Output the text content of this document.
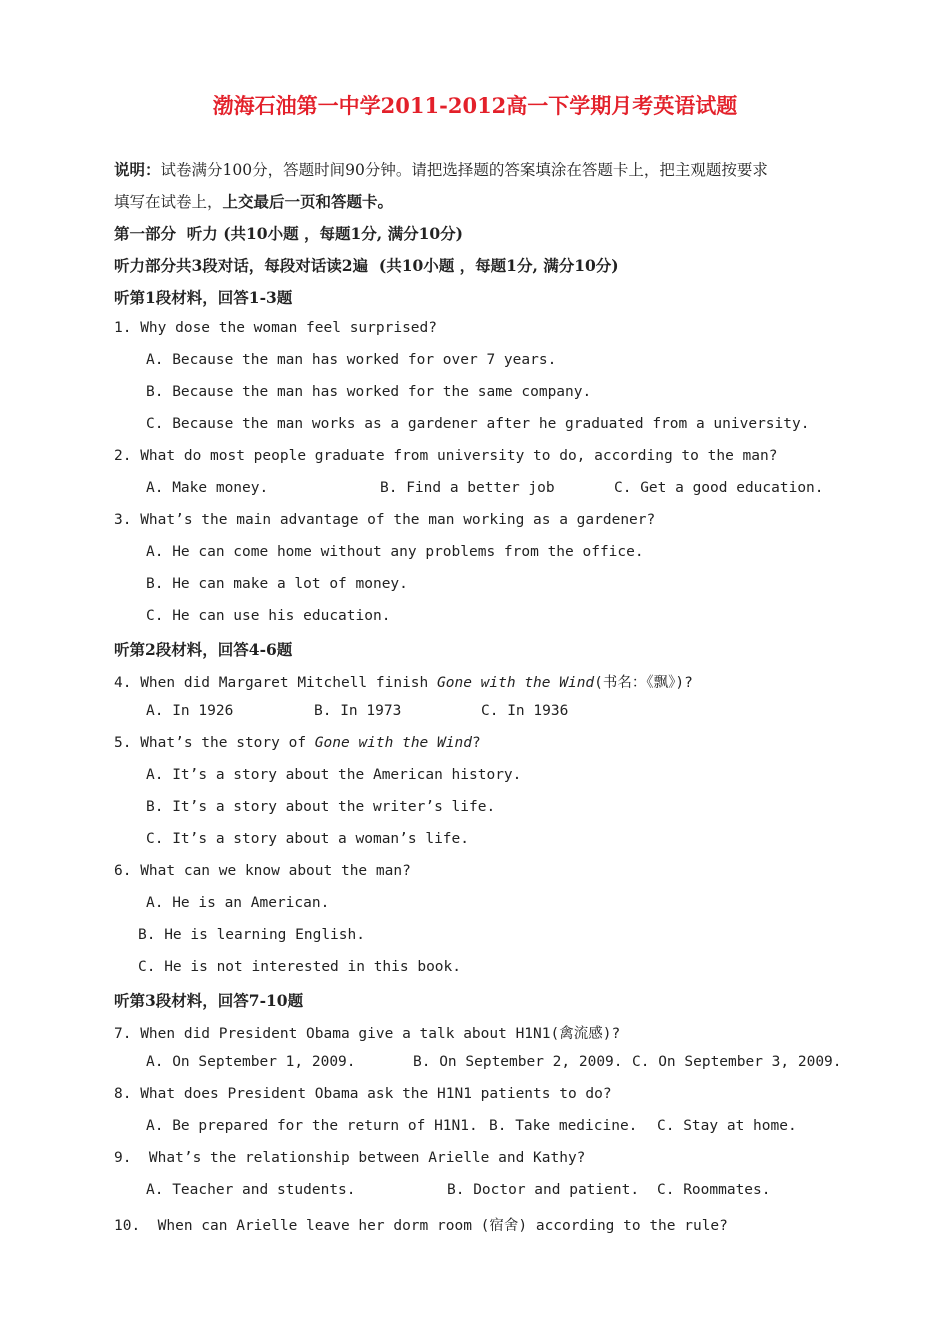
渤海石油第一中学2011-2012高一下学期月考英语试题
说明：试卷满分100分，答题时间90分钟。请把选择题的答案填涂在答题卡上，把主观题按要求
填写在试卷上，上交最后一页和答题卡。
第一部分  听力 (共10小题 ，每题1分, 满分10分)
听力部分共3段对话，每段对话读2遍  (共10小题 ，每题1分, 满分10分)
听第1段材料，回答1-3题
1. Why dose the woman feel surprised?
A. Because the man has worked for over 7 years.
B. Because the man has worked for the same company.
C. Because the man works as a gardener after he graduated from a university.
2. What do most people graduate from university to do, according to the man?
A. Make money.	B. Find a better job	C. Get a good education.
3. What’s the main advantage of the man working as a gardener?
A. He can come home without any problems from the office.
B. He can make a lot of money.
C. He can use his education.
听第2段材料，回答4-6题
4. When did Margaret Mitchell finish Gone with the Wind(书名：《飘》)?
A. In 1926	B. In 1973	C. In 1936
5. What’s the story of Gone with the Wind?
A. It’s a story about the American history.
B. It’s a story about the writer’s life.
C. It’s a story about a woman’s life.
6. What can we know about the man?
A. He is an American.
B. He is learning English.
C. He is not interested in this book.
听第3段材料，回答7-10题
7. When did President Obama give a talk about H1N1(禽流感)?
A. On September 1, 2009.	B. On September 2, 2009. C. On September 3, 2009.
8. What does President Obama ask the H1N1 patients to do?
A. Be prepared for the return of H1N1. B. Take medicine. C. Stay at home.
9.  What’s the relationship between Arielle and Kathy?
A. Teacher and students.	B. Doctor and patient. C. Roommates.
10.  When can Arielle leave her dorm room (宿舍) according to the rule?
